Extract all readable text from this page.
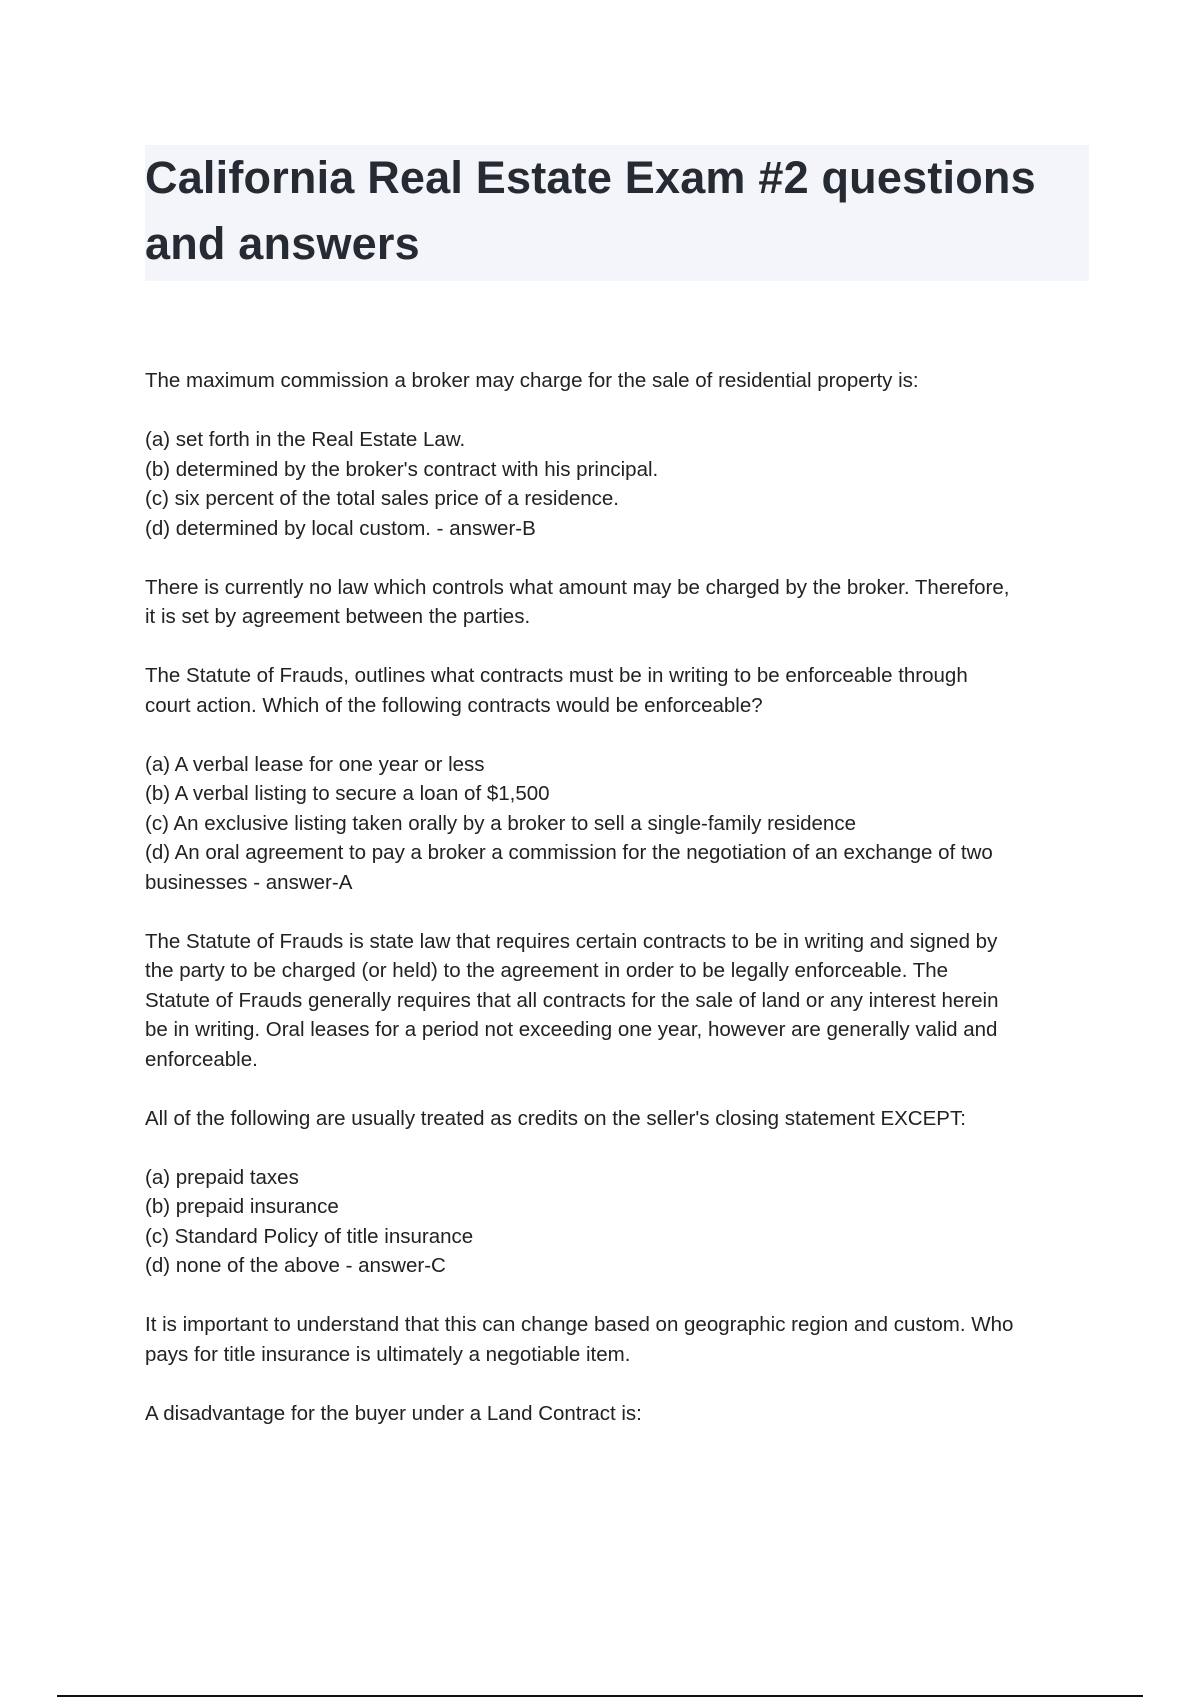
California Real Estate Exam #2 questions
and answers

The maximum commission a broker may charge for the sale of residential property is:

(a) set forth in the Real Estate Law.
(b) determined by the broker's contract with his principal.
(c) six percent of the total sales price of a residence.
(d) determined by local custom. - answer-B

There is currently no law which controls what amount may be charged by the broker. Therefore,
it is set by agreement between the parties.

The Statute of Frauds, outlines what contracts must be in writing to be enforceable through
court action. Which of the following contracts would be enforceable?

(a) A verbal lease for one year or less
(b) A verbal listing to secure a loan of $1,500
(c) An exclusive listing taken orally by a broker to sell a single-family residence
(d) An oral agreement to pay a broker a commission for the negotiation of an exchange of two
businesses - answer-A

The Statute of Frauds is state law that requires certain contracts to be in writing and signed by
the party to be charged (or held) to the agreement in order to be legally enforceable. The
Statute of Frauds generally requires that all contracts for the sale of land or any interest herein
be in writing. Oral leases for a period not exceeding one year, however are generally valid and
enforceable.

All of the following are usually treated as credits on the seller's closing statement EXCEPT:

(a) prepaid taxes
(b) prepaid insurance
(c) Standard Policy of title insurance
(d) none of the above - answer-C

It is important to understand that this can change based on geographic region and custom. Who
pays for title insurance is ultimately a negotiable item.

A disadvantage for the buyer under a Land Contract is:
